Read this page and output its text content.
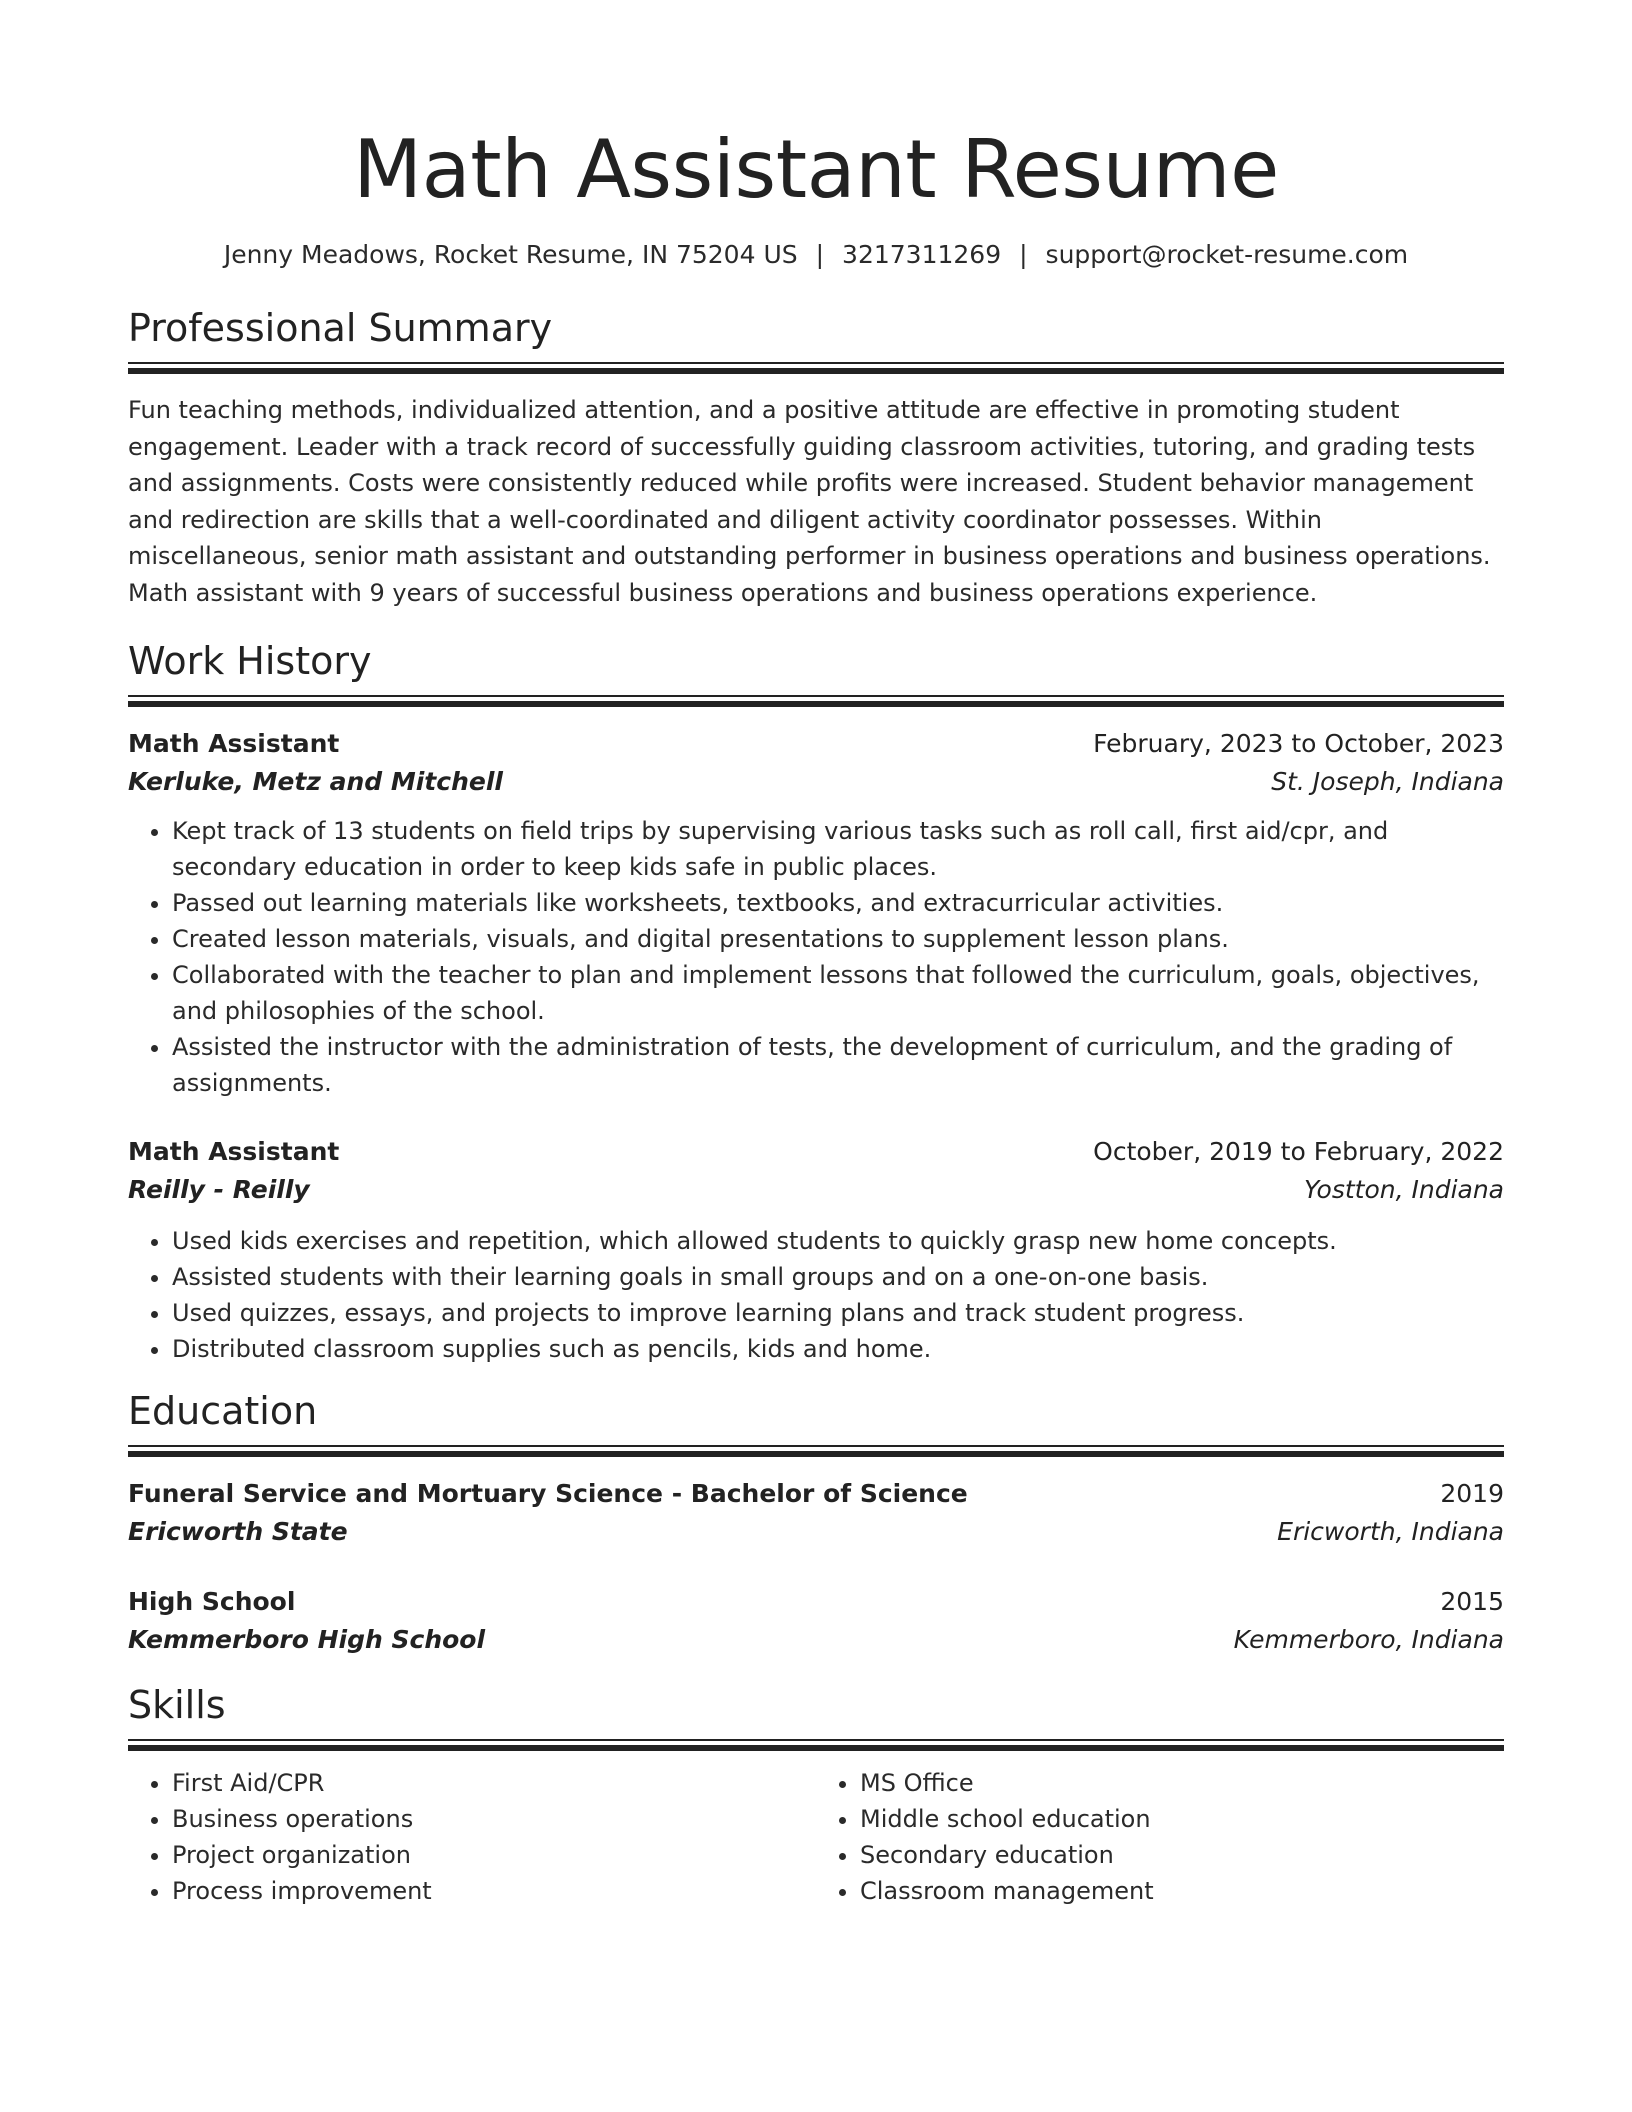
Math Assistant Resume
Jenny Meadows, Rocket Resume, IN 75204 US | 3217311269 | support@rocket-resume.com
Professional Summary

Fun teaching methods, individualized attention, and a positive attitude are effective in promoting student engagement. Leader with a track record of successfully guiding classroom activities, tutoring, and grading tests and assignments. Costs were consistently reduced while profits were increased. Student behavior management and redirection are skills that a well-coordinated and diligent activity coordinator possesses. Within miscellaneous, senior math assistant and outstanding performer in business operations and business operations. Math assistant with 9 years of successful business operations and business operations experience.

Work History
Math Assistant	February, 2023 to October, 2023
Kerluke, Metz and Mitchell	St. Joseph, Indiana
• Kept track of 13 students on field trips by supervising various tasks such as roll call, first aid/cpr, and secondary education in order to keep kids safe in public places.
• Passed out learning materials like worksheets, textbooks, and extracurricular activities.
• Created lesson materials, visuals, and digital presentations to supplement lesson plans.
• Collaborated with the teacher to plan and implement lessons that followed the curriculum, goals, objectives, and philosophies of the school.
• Assisted the instructor with the administration of tests, the development of curriculum, and the grading of assignments.
Math Assistant	October, 2019 to February, 2022
Reilly - Reilly	Yostton, Indiana
• Used kids exercises and repetition, which allowed students to quickly grasp new home concepts.
• Assisted students with their learning goals in small groups and on a one-on-one basis.
• Used quizzes, essays, and projects to improve learning plans and track student progress.
• Distributed classroom supplies such as pencils, kids and home.
Education
Funeral Service and Mortuary Science - Bachelor of Science	2019
Ericworth State	Ericworth, Indiana
High School	2015
Kemmerboro High School	Kemmerboro, Indiana
Skills
• First Aid/CPR
• Business operations
• Project organization
• Process improvement
• MS Office
• Middle school education
• Secondary education
• Classroom management
